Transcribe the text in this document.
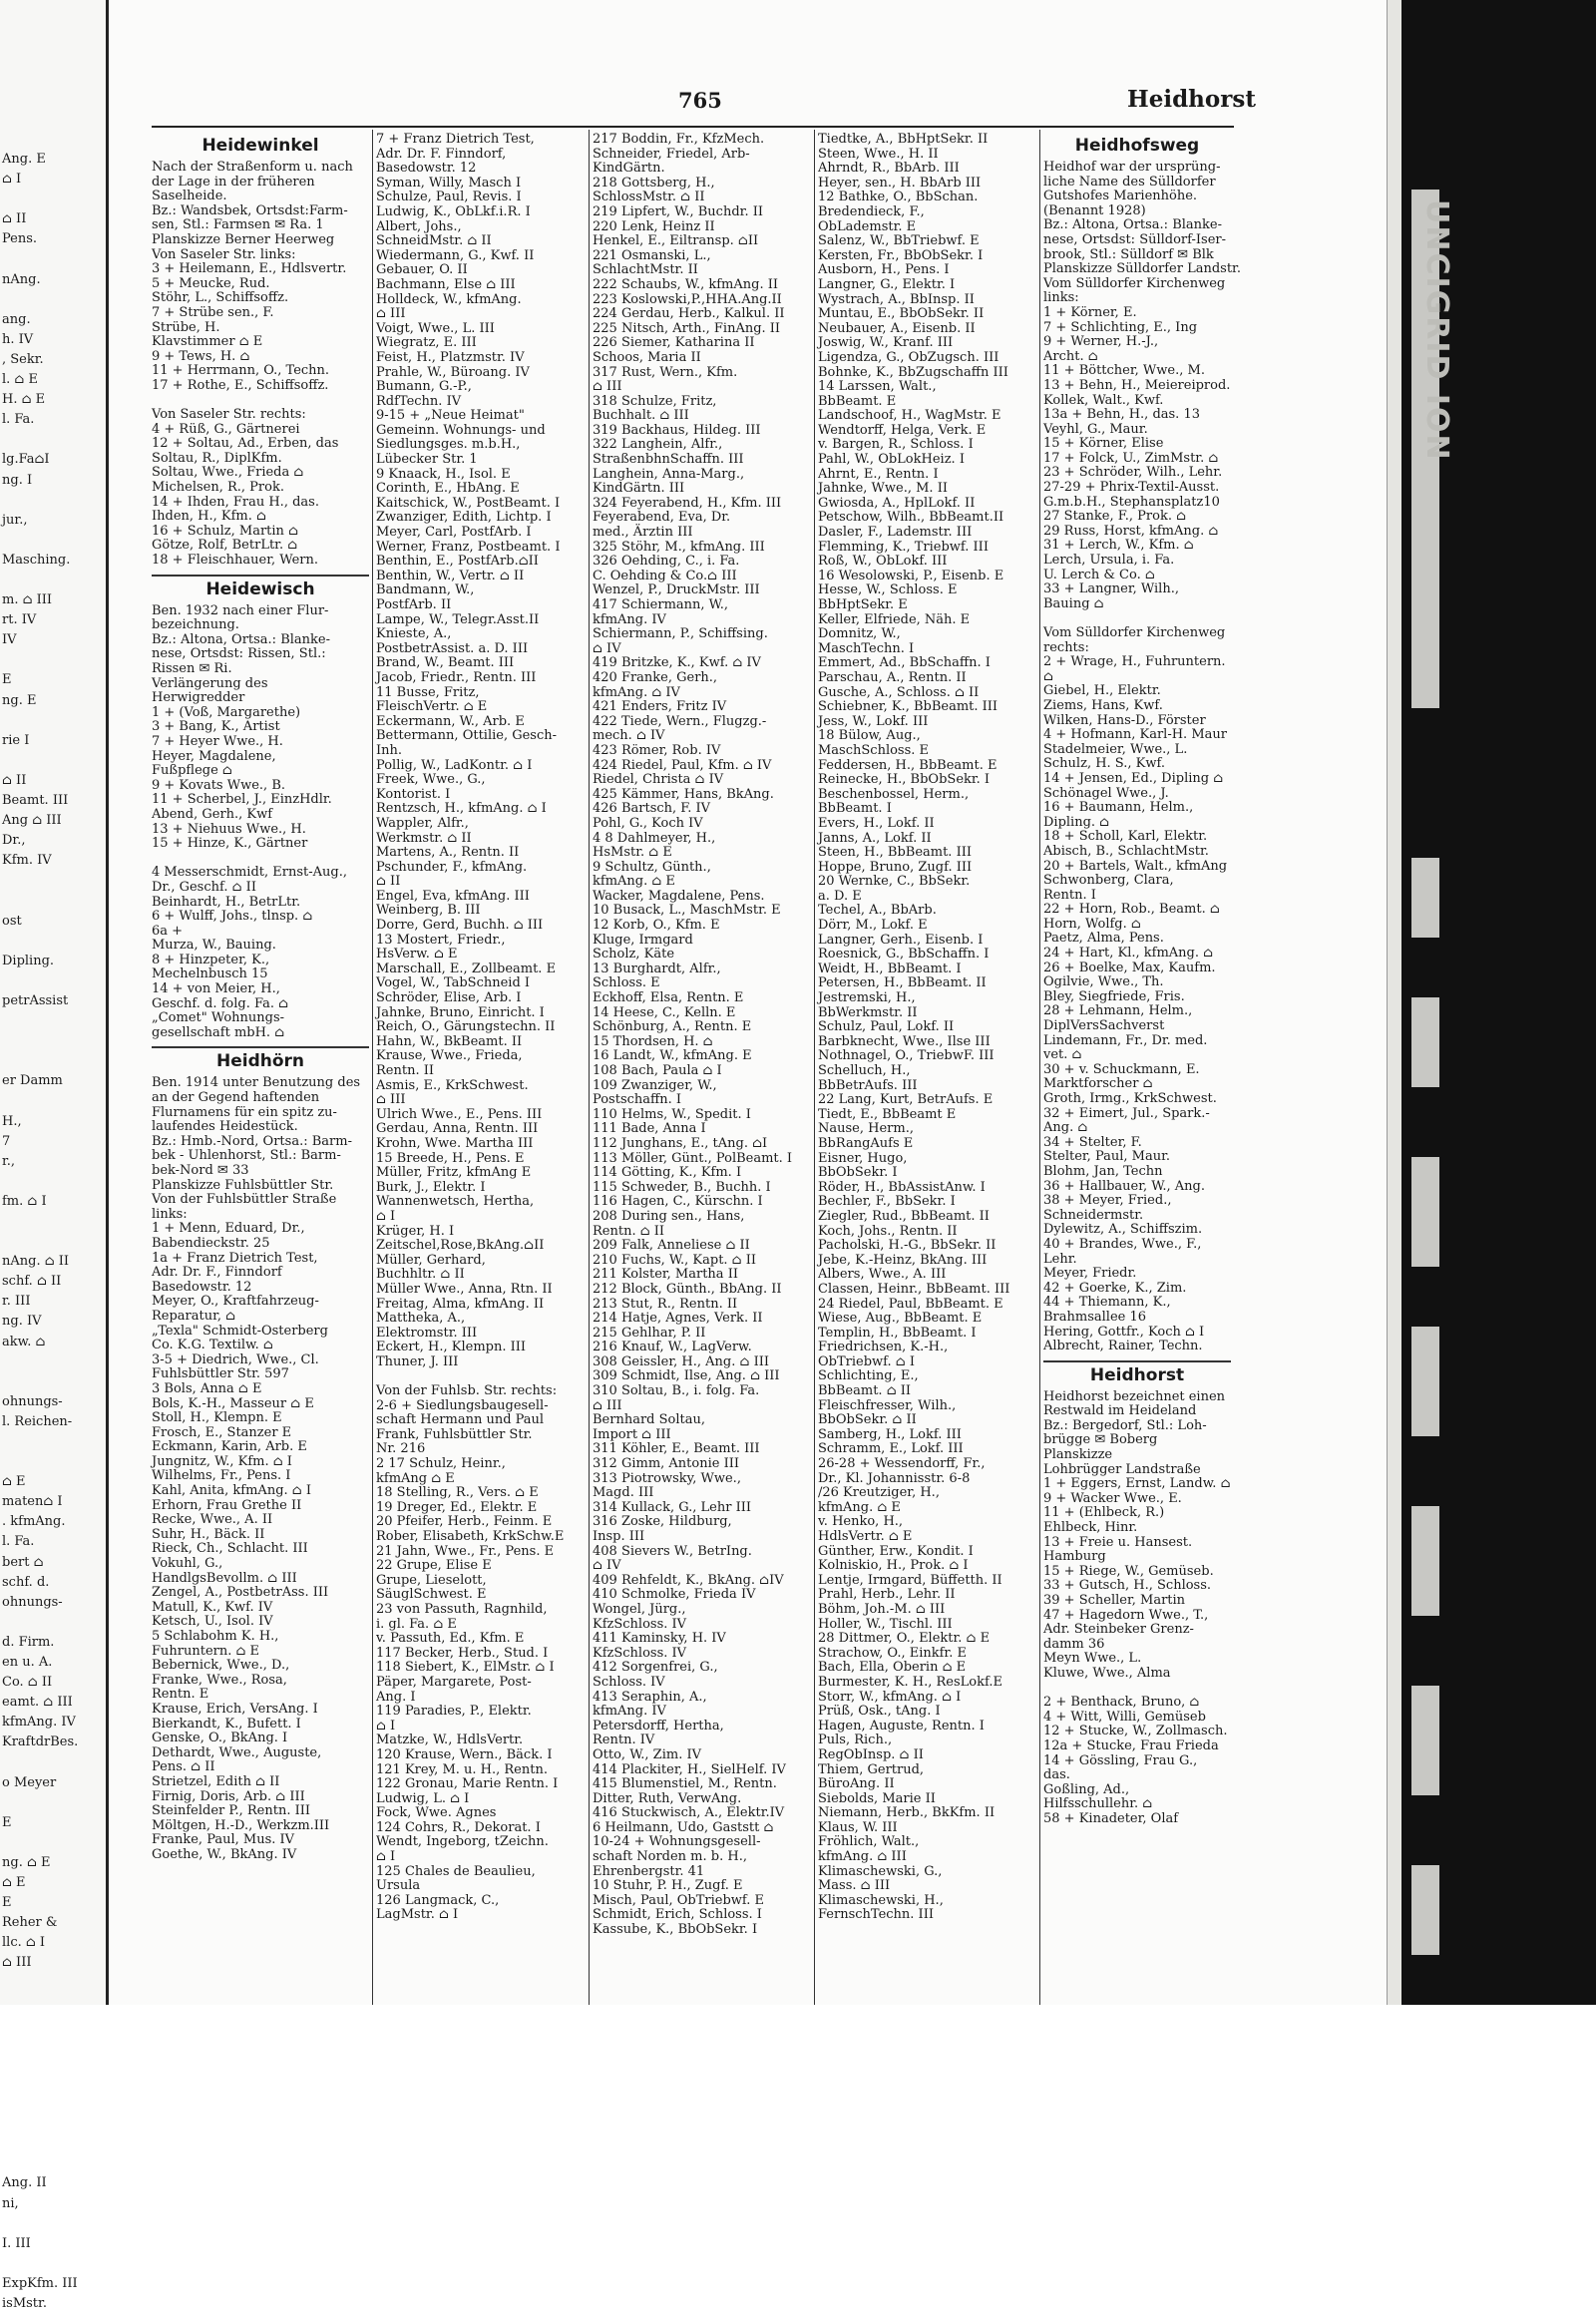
Ang. E
⌂ I

⌂ II
Pens.

nAng.

ang.
h. IV
, Sekr.
l. ⌂ E
H. ⌂ E
l. Fa.

lg.Fa⌂I
ng. I

jur.,

Masching.

m. ⌂ III
rt. IV
IV

E
ng. E

rie I

⌂ II
Beamt. III
Ang ⌂ III
Dr.,
Kfm. IV

ost

Dipling.

petrAssist

er Damm

H.,
7
r.,

fm. ⌂ I

nAng. ⌂ II
schf. ⌂ II
r. III
ng. IV
akw. ⌂

ohnungs-
l. Reichen-

⌂ E
maten⌂ I
. kfmAng.
l. Fa.
bert ⌂
schf. d.
ohnungs-

d. Firm.
en u. A.
Co. ⌂ II
eamt. ⌂ III
kfmAng. IV
KraftdrBes.

o Meyer

E

ng. ⌂ E
⌂ E
E
Reher &
llc. ⌂ I
⌂ III

Ang. II
ni,

I. III

ExpKfm. III
isMstr.
765	Heidhorst
Heidewinkel
Nach der Straßenform u. nach
der Lage in der früheren
Saselheide.
Bz.: Wandsbek, Ortsdst:Farm-
sen, Stl.: Farmsen ✉ Ra. 1
Planskizze Berner Heerweg
Von Saseler Str. links:
3 + Heilemann, E., Hdlsvertr.
5 + Meucke, Rud.
Stöhr, L., Schiffsoffz.
7 + Strübe sen., F.
Strübe, H.
Klavstimmer ⌂ E
9 + Tews, H. ⌂
11 + Herrmann, O., Techn.
17 + Rothe, E., Schiffsoffz.

Von Saseler Str. rechts:
4 + Rüß, G., Gärtnerei
12 + Soltau, Ad., Erben, das
Soltau, R., DiplKfm.
Soltau, Wwe., Frieda ⌂
Michelsen, R., Prok.
14 + Ihden, Frau H., das.
Ihden, H., Kfm. ⌂
16 + Schulz, Martin ⌂
Götze, Rolf, BetrLtr. ⌂
18 + Fleischhauer, Wern.
Heidewisch
Ben. 1932 nach einer Flur-
bezeichnung.
Bz.: Altona, Ortsa.: Blanke-
nese, Ortsdst: Rissen, Stl.:
Rissen ✉ Ri.
Verlängerung des
Herwigredder
1 + (Voß, Margarethe)
3 + Bang, K., Artist
7 + Heyer Wwe., H.
Heyer, Magdalene,
Fußpflege ⌂
9 + Kovats Wwe., B.
11 + Scherbel, J., EinzHdlr.
Abend, Gerh., Kwf
13 + Niehuus Wwe., H.
15 + Hinze, K., Gärtner

4 Messerschmidt, Ernst-Aug.,
Dr., Geschf. ⌂ II
Beinhardt, H., BetrLtr.
6 + Wulff, Johs., tlnsp. ⌂
6a +
Murza, W., Bauing.
8 + Hinzpeter, K.,
Mechelnbusch 15
14 + von Meier, H.,
Geschf. d. folg. Fa. ⌂
„Comet" Wohnungs-
gesellschaft mbH. ⌂
Heidhörn
Ben. 1914 unter Benutzung des
an der Gegend haftenden
Flurnamens für ein spitz zu-
laufendes Heidestück.
Bz.: Hmb.-Nord, Ortsa.: Barm-
bek - Uhlenhorst, Stl.: Barm-
bek-Nord ✉ 33
Planskizze Fuhlsbüttler Str.
Von der Fuhlsbüttler Straße
links:
1 + Menn, Eduard, Dr.,
Babendieckstr. 25
1a + Franz Dietrich Test,
Adr. Dr. F., Finndorf
Basedowstr. 12
Meyer, O., Kraftfahrzeug-
Reparatur, ⌂
„Texla" Schmidt-Osterberg
Co. K.G. Textilw. ⌂
3-5 + Diedrich, Wwe., Cl.
Fuhlsbüttler Str. 597
3 Bols, Anna ⌂ E
Bols, K.-H., Masseur ⌂ E
Stoll, H., Klempn. E
Frosch, E., Stanzer E
Eckmann, Karin, Arb. E
Jungnitz, W., Kfm. ⌂ I
Wilhelms, Fr., Pens. I
Kahl, Anita, kfmAng. ⌂ I
Erhorn, Frau Grethe II
Recke, Wwe., A. II
Suhr, H., Bäck. II
Rieck, Ch., Schlacht. III
Vokuhl, G.,
HandlgsBevollm. ⌂ III
Zengel, A., PostbetrAss. III
Matull, K., Kwf. IV
Ketsch, U., Isol. IV
5 Schlabohm K. H.,
Fuhruntern. ⌂ E
Bebernick, Wwe., D.,
Franke, Wwe., Rosa,
Rentn. E
Krause, Erich, VersAng. I
Bierkandt, K., Bufett. I
Genske, O., BkAng. I
Dethardt, Wwe., Auguste,
Pens. ⌂ II
Strietzel, Edith ⌂ II
Firnig, Doris, Arb. ⌂ III
Steinfelder P., Rentn. III
Möltgen, H.-D., Werkzm.III
Franke, Paul, Mus. IV
Goethe, W., BkAng. IV
7 + Franz Dietrich Test,
Adr. Dr. F. Finndorf,
Basedowstr. 12
Syman, Willy, Masch I
Schulze, Paul, Revis. I
Ludwig, K., ObLkf.i.R. I
Albert, Johs.,
SchneidMstr. ⌂ II
Wiedermann, G., Kwf. II
Gebauer, O. II
Bachmann, Else ⌂ III
Holldeck, W., kfmAng.
⌂ III
Voigt, Wwe., L. III
Wiegratz, E. III
Feist, H., Platzmstr. IV
Prahle, W., Büroang. IV
Bumann, G.-P.,
RdfTechn. IV
9-15 + „Neue Heimat"
Gemeinn. Wohnungs- und
Siedlungsges. m.b.H.,
Lübecker Str. 1
9 Knaack, H., Isol. E
Corinth, E., HbAng. E
Kaitschick, W., PostBeamt. I
Zwanziger, Edith, Lichtp. I
Meyer, Carl, PostfArb. I
Werner, Franz, Postbeamt. I
Benthin, E., PostfArb.⌂II
Benthin, W., Vertr. ⌂ II
Bandmann, W.,
PostfArb. II
Lampe, W., Telegr.Asst.II
Knieste, A.,
PostbetrAssist. a. D. III
Brand, W., Beamt. III
Jacob, Friedr., Rentn. III
11 Busse, Fritz,
FleischVertr. ⌂ E
Eckermann, W., Arb. E
Bettermann, Ottilie, Gesch-
Inh.
Pollig, W., LadKontr. ⌂ I
Freek, Wwe., G.,
Kontorist. I
Rentzsch, H., kfmAng. ⌂ I
Wappler, Alfr.,
Werkmstr. ⌂ II
Martens, A., Rentn. II
Pschunder, F., kfmAng.
⌂ II
Engel, Eva, kfmAng. III
Weinberg, B. III
Dorre, Gerd, Buchh. ⌂ III
13 Mostert, Friedr.,
HsVerw. ⌂ E
Marschall, E., Zollbeamt. E
Vogel, W., TabSchneid I
Schröder, Elise, Arb. I
Jahnke, Bruno, Einricht. I
Reich, O., Gärungstechn. II
Hahn, W., BkBeamt. II
Krause, Wwe., Frieda,
Rentn. II
Asmis, E., KrkSchwest.
⌂ III
Ulrich Wwe., E., Pens. III
Gerdau, Anna, Rentn. III
Krohn, Wwe. Martha III
15 Breede, H., Pens. E
Müller, Fritz, kfmAng E
Burk, J., Elektr. I
Wannenwetsch, Hertha,
⌂ I
Krüger, H. I
Zeitschel,Rose,BkAng.⌂II
Müller, Gerhard,
Buchhltr. ⌂ II
Müller Wwe., Anna, Rtn. II
Freitag, Alma, kfmAng. II
Mattheka, A.,
Elektromstr. III
Eckert, H., Klempn. III
Thuner, J. III

Von der Fuhlsb. Str. rechts:
2-6 + Siedlungsbaugesell-
schaft Hermann und Paul
Frank, Fuhlsbüttler Str.
Nr. 216
2 17 Schulz, Heinr.,
kfmAng ⌂ E
18 Stelling, R., Vers. ⌂ E
19 Dreger, Ed., Elektr. E
20 Pfeifer, Herb., Feinm. E
Rober, Elisabeth, KrkSchw.E
21 Jahn, Wwe., Fr., Pens. E
22 Grupe, Elise E
Grupe, Lieselott,
SäuglSchwest. E
23 von Passuth, Ragnhild,
i. gl. Fa. ⌂ E
v. Passuth, Ed., Kfm. E
117 Becker, Herb., Stud. I
118 Siebert, K., ElMstr. ⌂ I
Päper, Margarete, Post-
Ang. I
119 Paradies, P., Elektr.
⌂ I
Matzke, W., HdlsVertr.
120 Krause, Wern., Bäck. I
121 Krey, M. u. H., Rentn.
122 Gronau, Marie Rentn. I
Ludwig, L. ⌂ I
Fock, Wwe. Agnes
124 Cohrs, R., Dekorat. I
Wendt, Ingeborg, tZeichn.
⌂ I
125 Chales de Beaulieu,
Ursula
126 Langmack, C.,
LagMstr. ⌂ I
217 Boddin, Fr., KfzMech.
Schneider, Friedel, Arb-
KindGärtn.
218 Gottsberg, H.,
SchlossMstr. ⌂ II
219 Lipfert, W., Buchdr. II
220 Lenk, Heinz II
Henkel, E., Eiltransp. ⌂II
221 Osmanski, L.,
SchlachtMstr. II
222 Schaubs, W., kfmAng. II
223 Koslowski,P.,HHA.Ang.II
224 Gerdau, Herb., Kalkul. II
225 Nitsch, Arth., FinAng. II
226 Siemer, Katharina II
Schoos, Maria II
317 Rust, Wern., Kfm.
⌂ III
318 Schulze, Fritz,
Buchhalt. ⌂ III
319 Backhaus, Hildeg. III
322 Langhein, Alfr.,
StraßenbhnSchaffn. III
Langhein, Anna-Marg.,
KindGärtn. III
324 Feyerabend, H., Kfm. III
Feyerabend, Eva, Dr.
med., Ärztin III
325 Stöhr, M., kfmAng. III
326 Oehding, C., i. Fa.
C. Oehding & Co.⌂ III
Wenzel, P., DruckMstr. III
417 Schiermann, W.,
kfmAng. IV
Schiermann, P., Schiffsing.
⌂ IV
419 Britzke, K., Kwf. ⌂ IV
420 Franke, Gerh.,
kfmAng. ⌂ IV
421 Enders, Fritz IV
422 Tiede, Wern., Flugzg.-
mech. ⌂ IV
423 Römer, Rob. IV
424 Riedel, Paul, Kfm. ⌂ IV
Riedel, Christa ⌂ IV
425 Kämmer, Hans, BkAng.
426 Bartsch, F. IV
Pohl, G., Koch IV
4 8 Dahlmeyer, H.,
HsMstr. ⌂ E
9 Schultz, Günth.,
kfmAng. ⌂ E
Wacker, Magdalene, Pens.
10 Busack, L., MaschMstr. E
12 Korb, O., Kfm. E
Kluge, Irmgard
Scholz, Käte
13 Burghardt, Alfr.,
Schloss. E
Eckhoff, Elsa, Rentn. E
14 Heese, C., Kelln. E
Schönburg, A., Rentn. E
15 Thordsen, H. ⌂
16 Landt, W., kfmAng. E
108 Bach, Paula ⌂ I
109 Zwanziger, W.,
Postschaffn. I
110 Helms, W., Spedit. I
111 Bade, Anna I
112 Junghans, E., tAng. ⌂I
113 Möller, Günt., PolBeamt. I
114 Götting, K., Kfm. I
115 Schweder, B., Buchh. I
116 Hagen, C., Kürschn. I
208 During sen., Hans,
Rentn. ⌂ II
209 Falk, Anneliese ⌂ II
210 Fuchs, W., Kapt. ⌂ II
211 Kolster, Martha II
212 Block, Günth., BbAng. II
213 Stut, R., Rentn. II
214 Hatje, Agnes, Verk. II
215 Gehlhar, P. II
216 Knauf, W., LagVerw.
308 Geissler, H., Ang. ⌂ III
309 Schmidt, Ilse, Ang. ⌂ III
310 Soltau, B., i. folg. Fa.
⌂ III
Bernhard Soltau,
Import ⌂ III
311 Köhler, E., Beamt. III
312 Gimm, Antonie III
313 Piotrowsky, Wwe.,
Magd. III
314 Kullack, G., Lehr III
316 Zoske, Hildburg,
Insp. III
408 Sievers W., BetrIng.
⌂ IV
409 Rehfeldt, K., BkAng. ⌂IV
410 Schmolke, Frieda IV
Wongel, Jürg.,
KfzSchloss. IV
411 Kaminsky, H. IV
KfzSchloss. IV
412 Sorgenfrei, G.,
Schloss. IV
413 Seraphin, A.,
kfmAng. IV
Petersdorff, Hertha,
Rentn. IV
Otto, W., Zim. IV
414 Plackiter, H., SielHelf. IV
415 Blumenstiel, M., Rentn.
Ditter, Ruth, VerwAng.
416 Stuckwisch, A., Elektr.IV
6 Heilmann, Udo, Gaststt ⌂
10-24 + Wohnungsgesell-
schaft Norden m. b. H.,
Ehrenbergstr. 41
10 Stuhr, P. H., Zugf. E
Misch, Paul, ObTriebwf. E
Schmidt, Erich, Schloss. I
Kassube, K., BbObSekr. I
Tiedtke, A., BbHptSekr. II
Steen, Wwe., H. II
Ahrndt, R., BbArb. III
Heyer, sen., H. BbArb III
12 Bathke, O., BbSchan.
Bredendieck, F.,
ObLademstr. E
Salenz, W., BbTriebwf. E
Kersten, Fr., BbObSekr. I
Ausborn, H., Pens. I
Langner, G., Elektr. I
Wystrach, A., BbInsp. II
Muntau, E., BbObSekr. II
Neubauer, A., Eisenb. II
Joswig, W., Kranf. III
Ligendza, G., ObZugsch. III
Bohnke, K., BbZugschaffn III
14 Larssen, Walt.,
BbBeamt. E
Landschoof, H., WagMstr. E
Wendtorff, Helga, Verk. E
v. Bargen, R., Schloss. I
Pahl, W., ObLokHeiz. I
Ahrnt, E., Rentn. I
Jahnke, Wwe., M. II
Gwiosda, A., HplLokf. II
Petschow, Wilh., BbBeamt.II
Dasler, F., Lademstr. III
Flemming, K., Triebwf. III
Roß, W., ObLokf. III
16 Wesolowski, P., Eisenb. E
Hesse, W., Schloss. E
BbHptSekr. E
Keller, Elfriede, Näh. E
Domnitz, W.,
MaschTechn. I
Emmert, Ad., BbSchaffn. I
Parschau, A., Rentn. II
Gusche, A., Schloss. ⌂ II
Schiebner, K., BbBeamt. III
Jess, W., Lokf. III
18 Bülow, Aug.,
MaschSchloss. E
Feddersen, H., BbBeamt. E
Reinecke, H., BbObSekr. I
Beschenbossel, Herm.,
BbBeamt. I
Evers, H., Lokf. II
Janns, A., Lokf. II
Steen, H., BbBeamt. III
Hoppe, Bruno, Zugf. III
20 Wernke, C., BbSekr.
a. D. E
Techel, A., BbArb.
Dörr, M., Lokf. E
Langner, Gerh., Eisenb. I
Roesnick, G., BbSchaffn. I
Weidt, H., BbBeamt. I
Petersen, H., BbBeamt. II
Jestremski, H.,
BbWerkmstr. II
Schulz, Paul, Lokf. II
Barbknecht, Wwe., Ilse III
Nothnagel, O., TriebwF. III
Schelluch, H.,
BbBetrAufs. III
22 Lang, Kurt, BetrAufs. E
Tiedt, E., BbBeamt E
Nause, Herm.,
BbRangAufs E
Eisner, Hugo,
BbObSekr. I
Röder, H., BbAssistAnw. I
Bechler, F., BbSekr. I
Ziegler, Rud., BbBeamt. II
Koch, Johs., Rentn. II
Pacholski, H.-G., BbSekr. II
Jebe, K.-Heinz, BkAng. III
Albers, Wwe., A. III
Classen, Heinr., BbBeamt. III
24 Riedel, Paul, BbBeamt. E
Wiese, Aug., BbBeamt. E
Templin, H., BbBeamt. I
Friedrichsen, K.-H.,
ObTriebwf. ⌂ I
Schlichting, E.,
BbBeamt. ⌂ II
Fleischfresser, Wilh.,
BbObSekr. ⌂ II
Samberg, H., Lokf. III
Schramm, E., Lokf. III
26-28 + Wessendorff, Fr.,
Dr., Kl. Johannisstr. 6-8
/26 Kreutziger, H.,
kfmAng. ⌂ E
v. Henko, H.,
HdlsVertr. ⌂ E
Günther, Erw., Kondit. I
Kolniskio, H., Prok. ⌂ I
Lentje, Irmgard, Büffetth. II
Prahl, Herb., Lehr. II
Böhm, Joh.-M. ⌂ III
Holler, W., Tischl. III
28 Dittmer, O., Elektr. ⌂ E
Strachow, O., Einkfr. E
Bach, Ella, Oberin ⌂ E
Burmester, K. H., ResLokf.E
Storr, W., kfmAng. ⌂ I
Prüß, Osk., tAng. I
Hagen, Auguste, Rentn. I
Puls, Rich.,
RegObInsp. ⌂ II
Thiem, Gertrud,
BüroAng. II
Siebolds, Marie II
Niemann, Herb., BkKfm. II
Klaus, W. III
Fröhlich, Walt.,
kfmAng. ⌂ III
Klimaschewski, G.,
Mass. ⌂ III
Klimaschewski, H.,
FernschTechn. III
Heidhofsweg
Heidhof war der ursprüng-
liche Name des Sülldorfer
Gutshofes Marienhöhe.
(Benannt 1928)
Bz.: Altona, Ortsa.: Blanke-
nese, Ortsdst: Sülldorf-Iser-
brook, Stl.: Sülldorf ✉ Blk
Planskizze Sülldorfer Landstr.
Vom Sülldorfer Kirchenweg
links:
1 + Körner, E.
7 + Schlichting, E., Ing
9 + Werner, H.-J.,
Archt. ⌂
11 + Böttcher, Wwe., M.
13 + Behn, H., Meiereiprod.
Kollek, Walt., Kwf.
13a + Behn, H., das. 13
Veyhl, G., Maur.
15 + Körner, Elise
17 + Folck, U., ZimMstr. ⌂
23 + Schröder, Wilh., Lehr.
27-29 + Phrix-Textil-Ausst.
G.m.b.H., Stephansplatz10
27 Stanke, F., Prok. ⌂
29 Russ, Horst, kfmAng. ⌂
31 + Lerch, W., Kfm. ⌂
Lerch, Ursula, i. Fa.
U. Lerch & Co. ⌂
33 + Langner, Wilh.,
Bauing ⌂

Vom Sülldorfer Kirchenweg
rechts:
2 + Wrage, H., Fuhruntern.
⌂
Giebel, H., Elektr.
Ziems, Hans, Kwf.
Wilken, Hans-D., Förster
4 + Hofmann, Karl-H. Maur
Stadelmeier, Wwe., L.
Schulz, H. S., Kwf.
14 + Jensen, Ed., Dipling ⌂
Schönagel Wwe., J.
16 + Baumann, Helm.,
Dipling. ⌂
18 + Scholl, Karl, Elektr.
Abisch, B., SchlachtMstr.
20 + Bartels, Walt., kfmAng
Schwonberg, Clara,
Rentn. I
22 + Horn, Rob., Beamt. ⌂
Horn, Wolfg. ⌂
Paetz, Alma, Pens.
24 + Hart, Kl., kfmAng. ⌂
26 + Boelke, Max, Kaufm.
Ogilvie, Wwe., Th.
Bley, Siegfriede, Fris.
28 + Lehmann, Helm.,
DiplVersSachverst
Lindemann, Fr., Dr. med.
vet. ⌂
30 + v. Schuckmann, E.
Marktforscher ⌂
Groth, Irmg., KrkSchwest.
32 + Eimert, Jul., Spark.-
Ang. ⌂
34 + Stelter, F.
Stelter, Paul, Maur.
Blohm, Jan, Techn
36 + Hallbauer, W., Ang.
38 + Meyer, Fried.,
Schneidermstr.
Dylewitz, A., Schiffszim.
40 + Brandes, Wwe., F.,
Lehr.
Meyer, Friedr.
42 + Goerke, K., Zim.
44 + Thiemann, K.,
Brahmsallee 16
Hering, Gottfr., Koch ⌂ I
Albrecht, Rainer, Techn.
Heidhorst
Heidhorst bezeichnet einen
Restwald im Heideland
Bz.: Bergedorf, Stl.: Loh-
brügge ✉ Boberg
Planskizze
Lohbrügger Landstraße
1 + Eggers, Ernst, Landw. ⌂
9 + Wacker Wwe., E.
11 + (Ehlbeck, R.)
Ehlbeck, Hinr.
13 + Freie u. Hansest.
Hamburg
15 + Riege, W., Gemüseb.
33 + Gutsch, H., Schloss.
39 + Scheller, Martin
47 + Hagedorn Wwe., T.,
Adr. Steinbeker Grenz-
damm 36
Meyn Wwe., L.
Kluwe, Wwe., Alma

2 + Benthack, Bruno, ⌂
4 + Witt, Willi, Gemüseb
12 + Stucke, W., Zollmasch.
12a + Stucke, Frau Frieda
14 + Gössling, Frau G.,
das.
Goßling, Ad.,
Hilfsschullehr. ⌂
58 + Kinadeter, Olaf
UNCIGRID ION
